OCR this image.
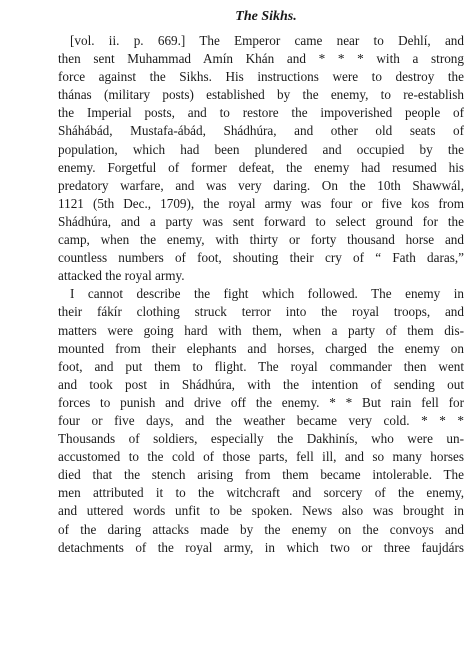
The Sikhs.
[vol. ii. p. 669.] The Emperor came near to Dehlí, and
then sent Muhammad Amín Khán and * * * with a strong
force against the Sikhs. His instructions were to destroy the
thánas (military posts) established by the enemy, to re-establish
the Imperial posts, and to restore the impoverished people of
Sháhábád, Mustafa-ábád, Shádhúra, and other old seats of
population, which had been plundered and occupied by the
enemy. Forgetful of former defeat, the enemy had resumed his
predatory warfare, and was very daring. On the 10th Shawwál,
1121 (5th Dec., 1709), the royal army was four or five kos from
Shádhúra, and a party was sent forward to select ground for the
camp, when the enemy, with thirty or forty thousand horse and
countless numbers of foot, shouting their cry of “ Fath daras,”
attacked the royal army.
I cannot describe the fight which followed. The enemy in
their fákír clothing struck terror into the royal troops, and
matters were going hard with them, when a party of them dis-
mounted from their elephants and horses, charged the enemy on
foot, and put them to flight. The royal commander then went
and took post in Shádhúra, with the intention of sending out
forces to punish and drive off the enemy. * * But rain fell for
four or five days, and the weather became very cold. * * *
Thousands of soldiers, especially the Dakhinís, who were un-
accustomed to the cold of those parts, fell ill, and so many horses
died that the stench arising from them became intolerable. The
men attributed it to the witchcraft and sorcery of the enemy,
and uttered words unfit to be spoken. News also was brought in
of the daring attacks made by the enemy on the convoys and
detachments of the royal army, in which two or three faujdárs
